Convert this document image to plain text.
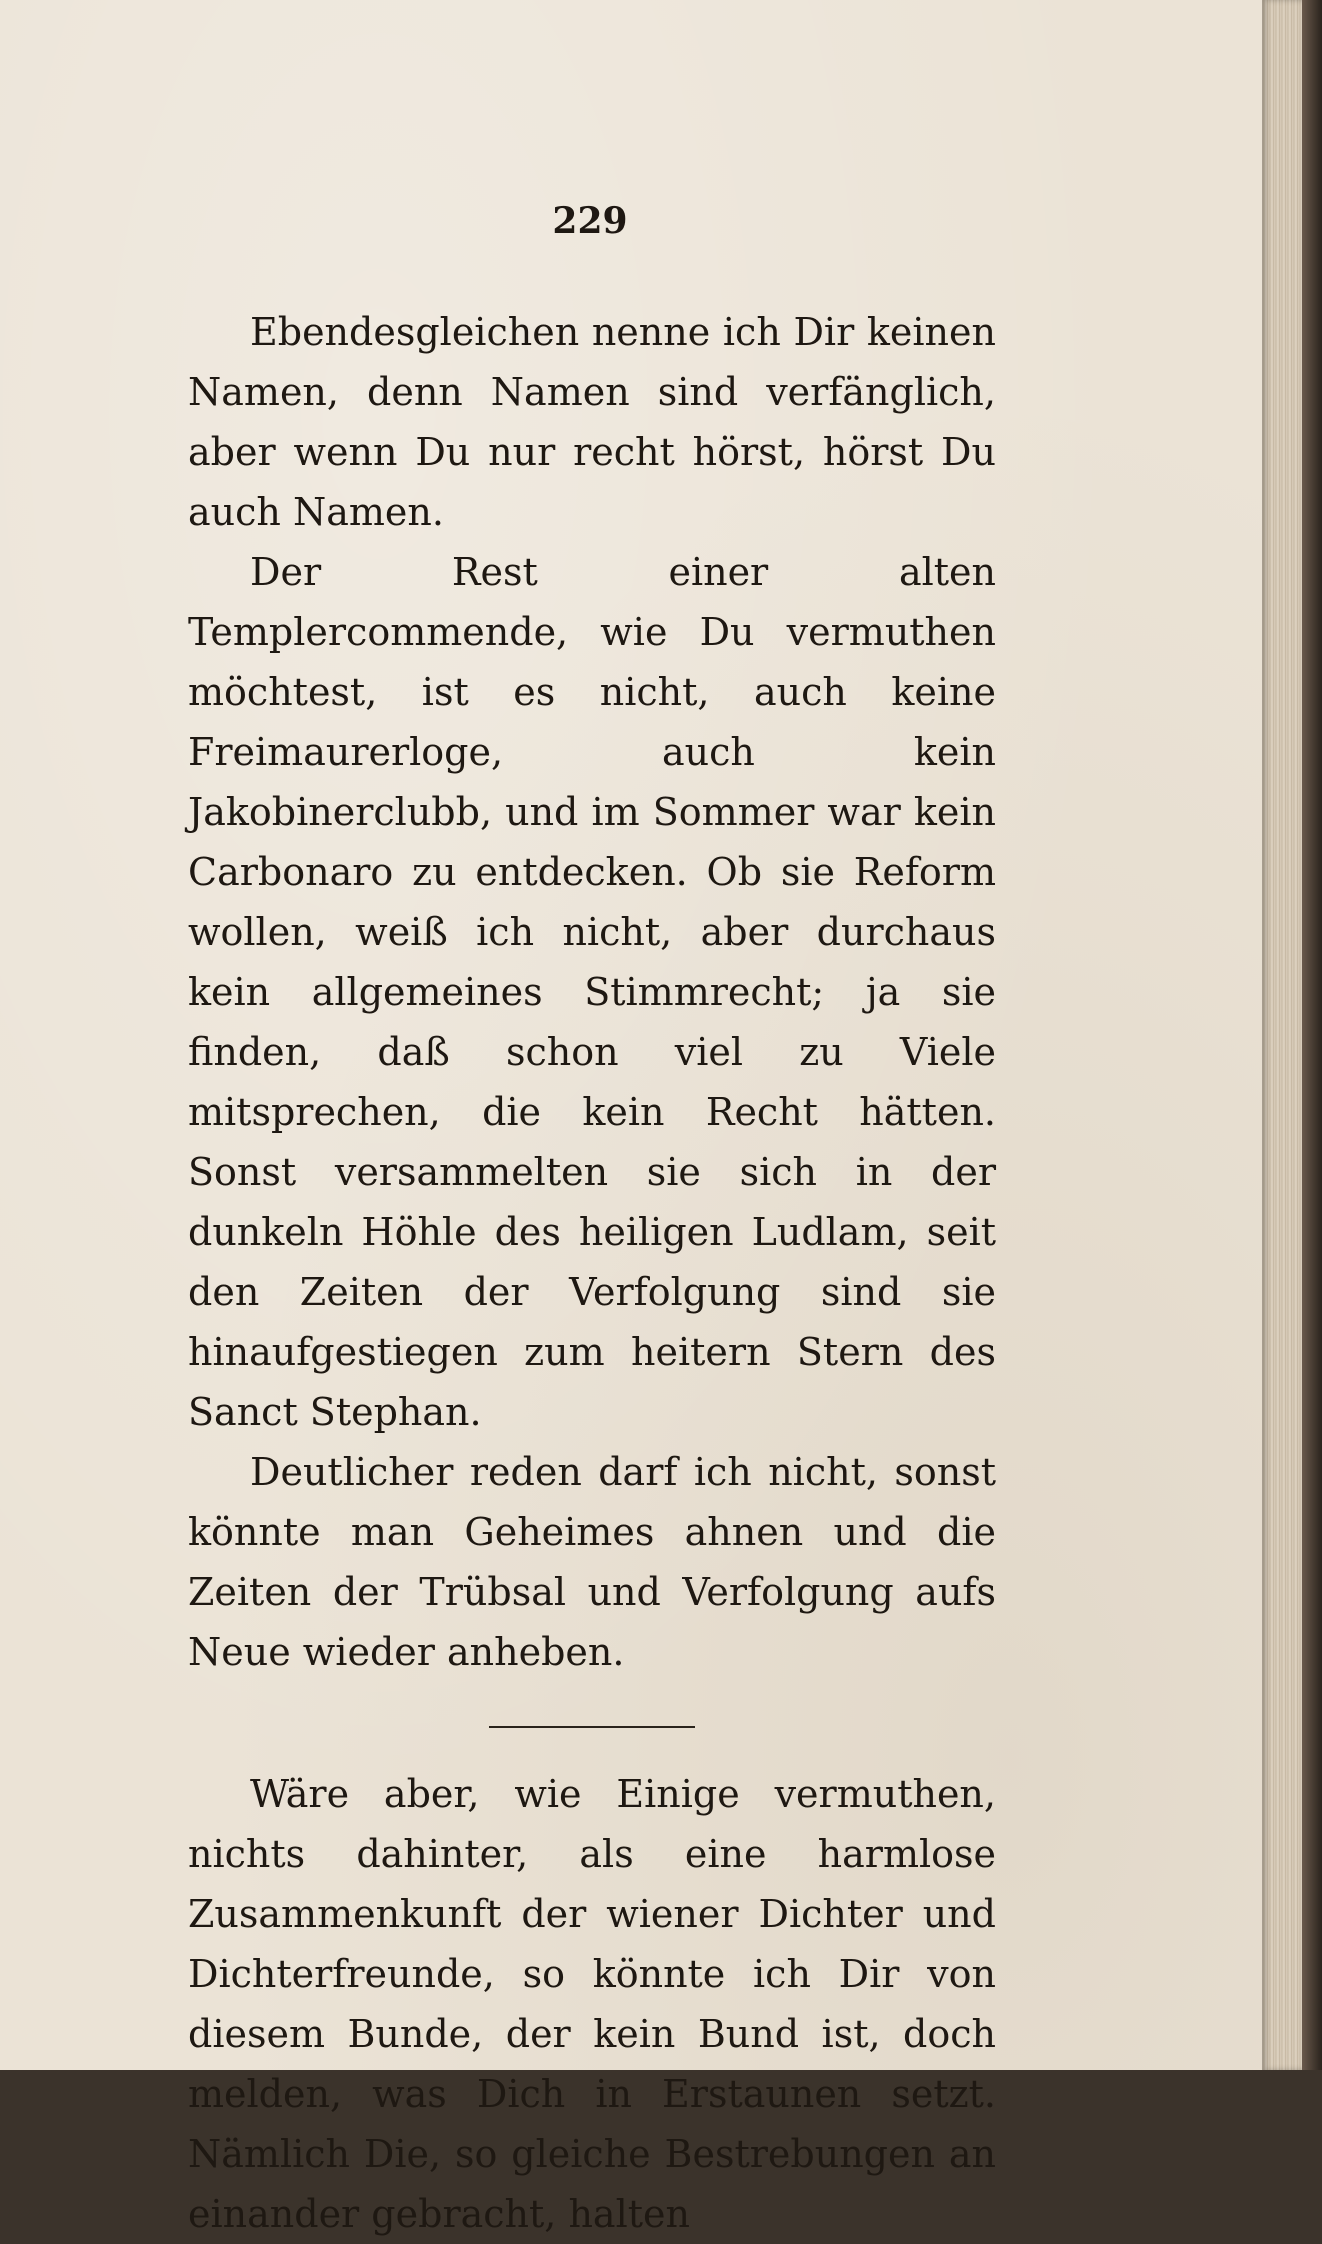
229

Ebendesgleichen nenne ich Dir keinen Namen, denn Namen sind verfänglich, aber wenn Du nur recht hörst, hörst Du auch Namen.

Der Rest einer alten Templercommende, wie Du vermuthen möchtest, ist es nicht, auch keine Freimaurerloge, auch kein Jakobinerclubb, und im Sommer war kein Carbonaro zu entdecken. Ob sie Reform wollen, weiß ich nicht, aber durchaus kein allgemeines Stimmrecht; ja sie finden, daß schon viel zu Viele mitsprechen, die kein Recht hätten. Sonst versammelten sie sich in der dunkeln Höhle des heiligen Ludlam, seit den Zeiten der Verfolgung sind sie hinaufgestiegen zum heitern Stern des Sanct Stephan.

Deutlicher reden darf ich nicht, sonst könnte man Geheimes ahnen und die Zeiten der Trübsal und Verfolgung aufs Neue wieder anheben.

Wäre aber, wie Einige vermuthen, nichts dahinter, als eine harmlose Zusammenkunft der wiener Dichter und Dichterfreunde, so könnte ich Dir von diesem Bunde, der kein Bund ist, doch melden, was Dich in Erstaunen setzt. Nämlich Die, so gleiche Bestrebungen an einander gebracht, halten
